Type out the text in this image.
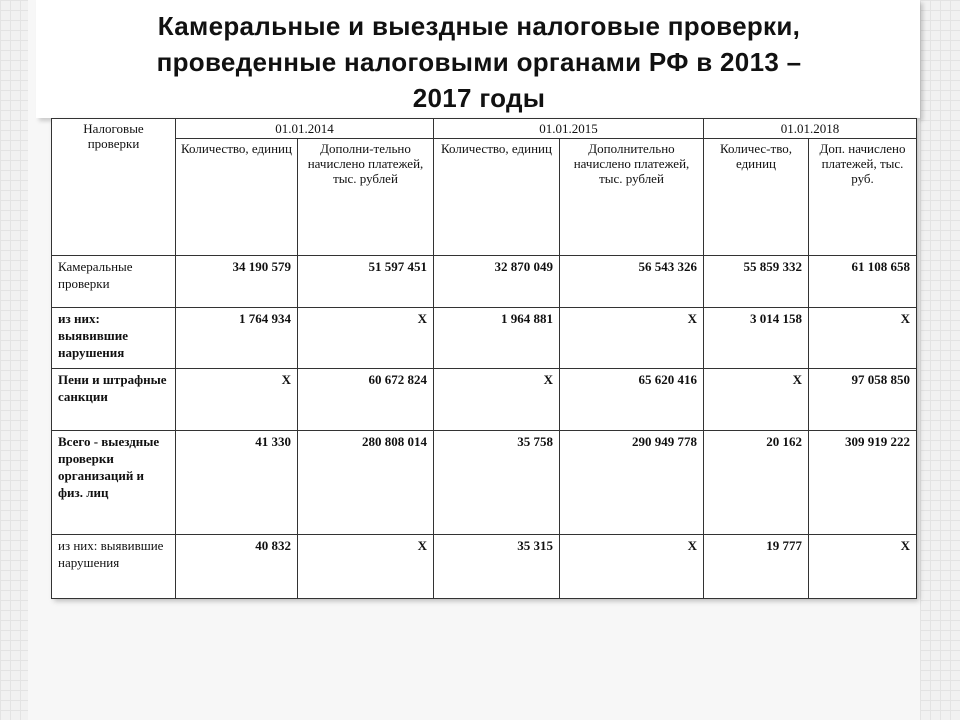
Камеральные и выездные налоговые проверки,
проведенные налоговыми органами РФ в 2013 –
2017 годы
Налоговые проверки	01.01.2014		01.01.2015		01.01.2018	
	Количество, единиц	Дополни-тельно начислено платежей, тыс. рублей	Количество, единиц	Дополнительно начислено платежей, тыс. рублей	Количес-тво, единиц	Доп. начислено платежей, тыс. руб.
Камеральные проверки	34 190 579	51 597 451	32 870 049	56 543 326	55 859 332	61 108 658
из них: выявившие нарушения	1 764 934	Х	1 964 881	Х	3 014 158	Х
Пени и штрафные санкции	Х	60 672 824	Х	65 620 416	Х	97 058 850
Всего - выездные проверки организаций и физ. лиц	41 330	280 808 014	35 758	290 949 778	20 162	309 919 222
из них: выявившие нарушения	40 832	Х	35 315	Х	19 777	Х
